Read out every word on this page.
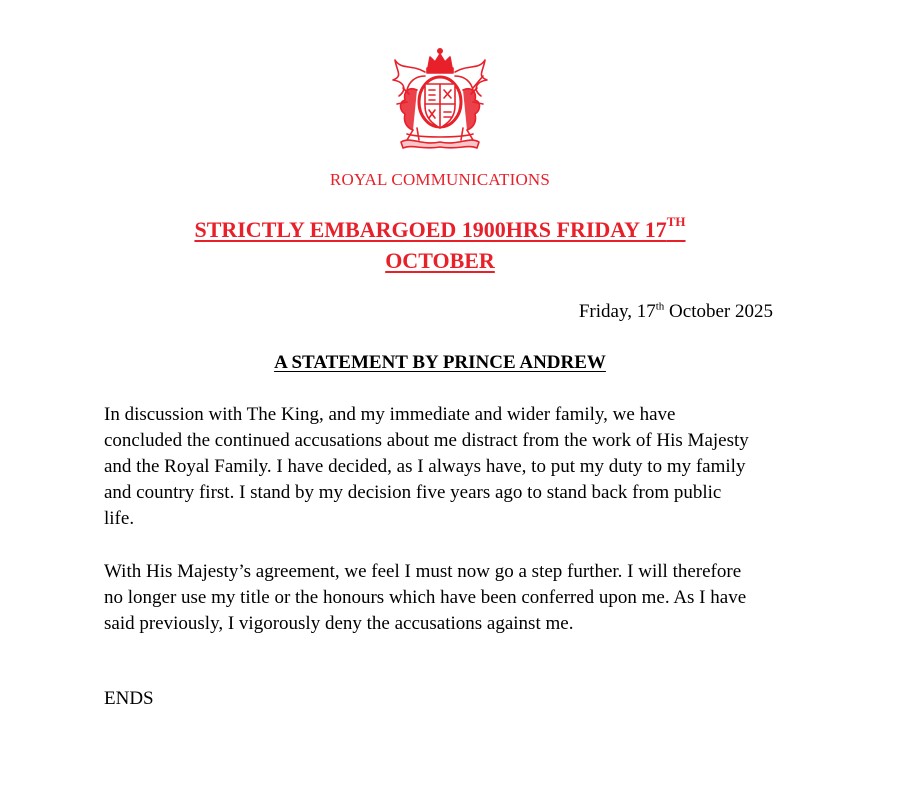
ROYAL COMMUNICATIONS
STRICTLY EMBARGOED 1900HRS FRIDAY 17TH
OCTOBER
Friday, 17th October 2025
A STATEMENT BY PRINCE ANDREW

In discussion with The King, and my immediate and wider family, we have concluded the continued accusations about me distract from the work of His Majesty and the Royal Family. I have decided, as I always have, to put my duty to my family and country first. I stand by my decision five years ago to stand back from public life.

With His Majesty’s agreement, we feel I must now go a step further. I will therefore no longer use my title or the honours which have been conferred upon me. As I have said previously, I vigorously deny the accusations against me.

ENDS
